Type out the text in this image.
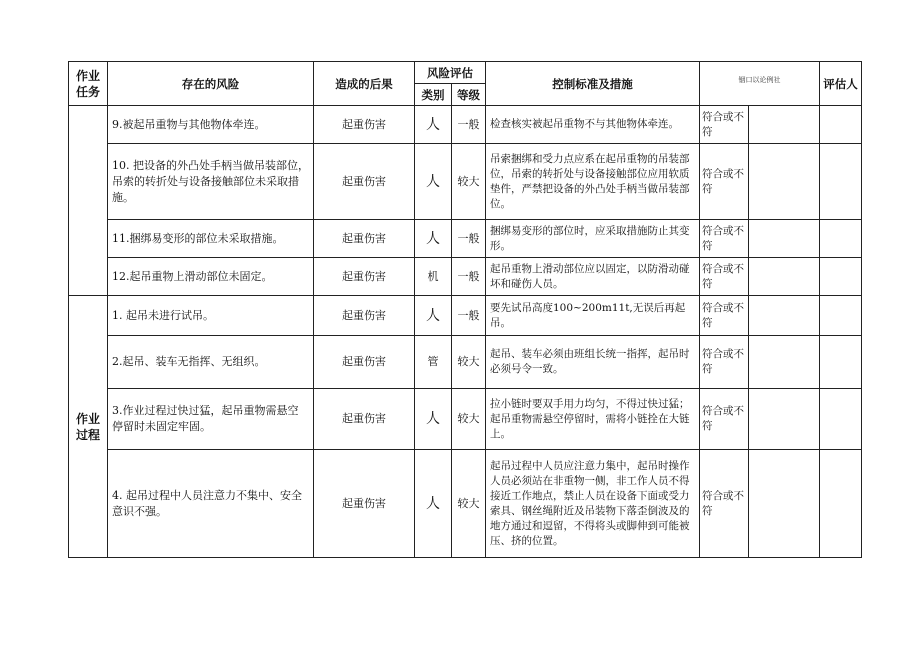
作业任务	存在的风险	造成的后果	风险评估		控制标准及措施	铟口以论例社		评估人
			类别	等级				
	9.被起吊重物与其他物体牵连。	起重伤害	人	一般	检查核实被起吊重物不与其他物体牵连。	符合或不符		
	10. 把设备的外凸处手柄当做吊装部位，吊索的转折处与设备接触部位未采取措施。	起重伤害	人	较大	吊索捆绑和受力点应系在起吊重物的吊装部位，吊索的转折处与设备接触部位应用软质垫件，严禁把设备的外凸处手柄当做吊装部位。	符合或不符		
	11.捆绑易变形的部位未采取措施。	起重伤害	人	一般	捆绑易变形的部位时，应采取措施防止其变形。	符合或不符		
	12.起吊重物上滑动部位未固定。	起重伤害	机	一般	起吊重物上滑动部位应以固定，以防滑动碰坏和碰伤人员。	符合或不符		
作业过程	1. 起吊未进行试吊。	起重伤害	人	一般	要先试吊高度100~200m11t,无误后再起吊。	符合或不符		
	2.起吊、装车无指挥、无组织。	起重伤害	管	较大	起吊、装车必须由班组长统一指挥，起吊时必须号令一致。	符合或不符		
	3.作业过程过快过猛，起吊重物需悬空停留时未固定牢固。	起重伤害	人	较大	拉小链时要双手用力均匀，不得过快过猛；起吊重物需悬空停留时，需将小链拴在大链上。	符合或不符		
	4. 起吊过程中人员注意力不集中、安全意识不强。	起重伤害	人	较大	起吊过程中人员应注意力集中，起吊时操作人员必须站在非重物一侧，非工作人员不得接近工作地点，禁止人员在设备下面或受力索具、钢丝绳附近及吊装物下落歪倒波及的地方通过和逗留，不得将头或脚伸到可能被压、挤的位置。	符合或不符		
